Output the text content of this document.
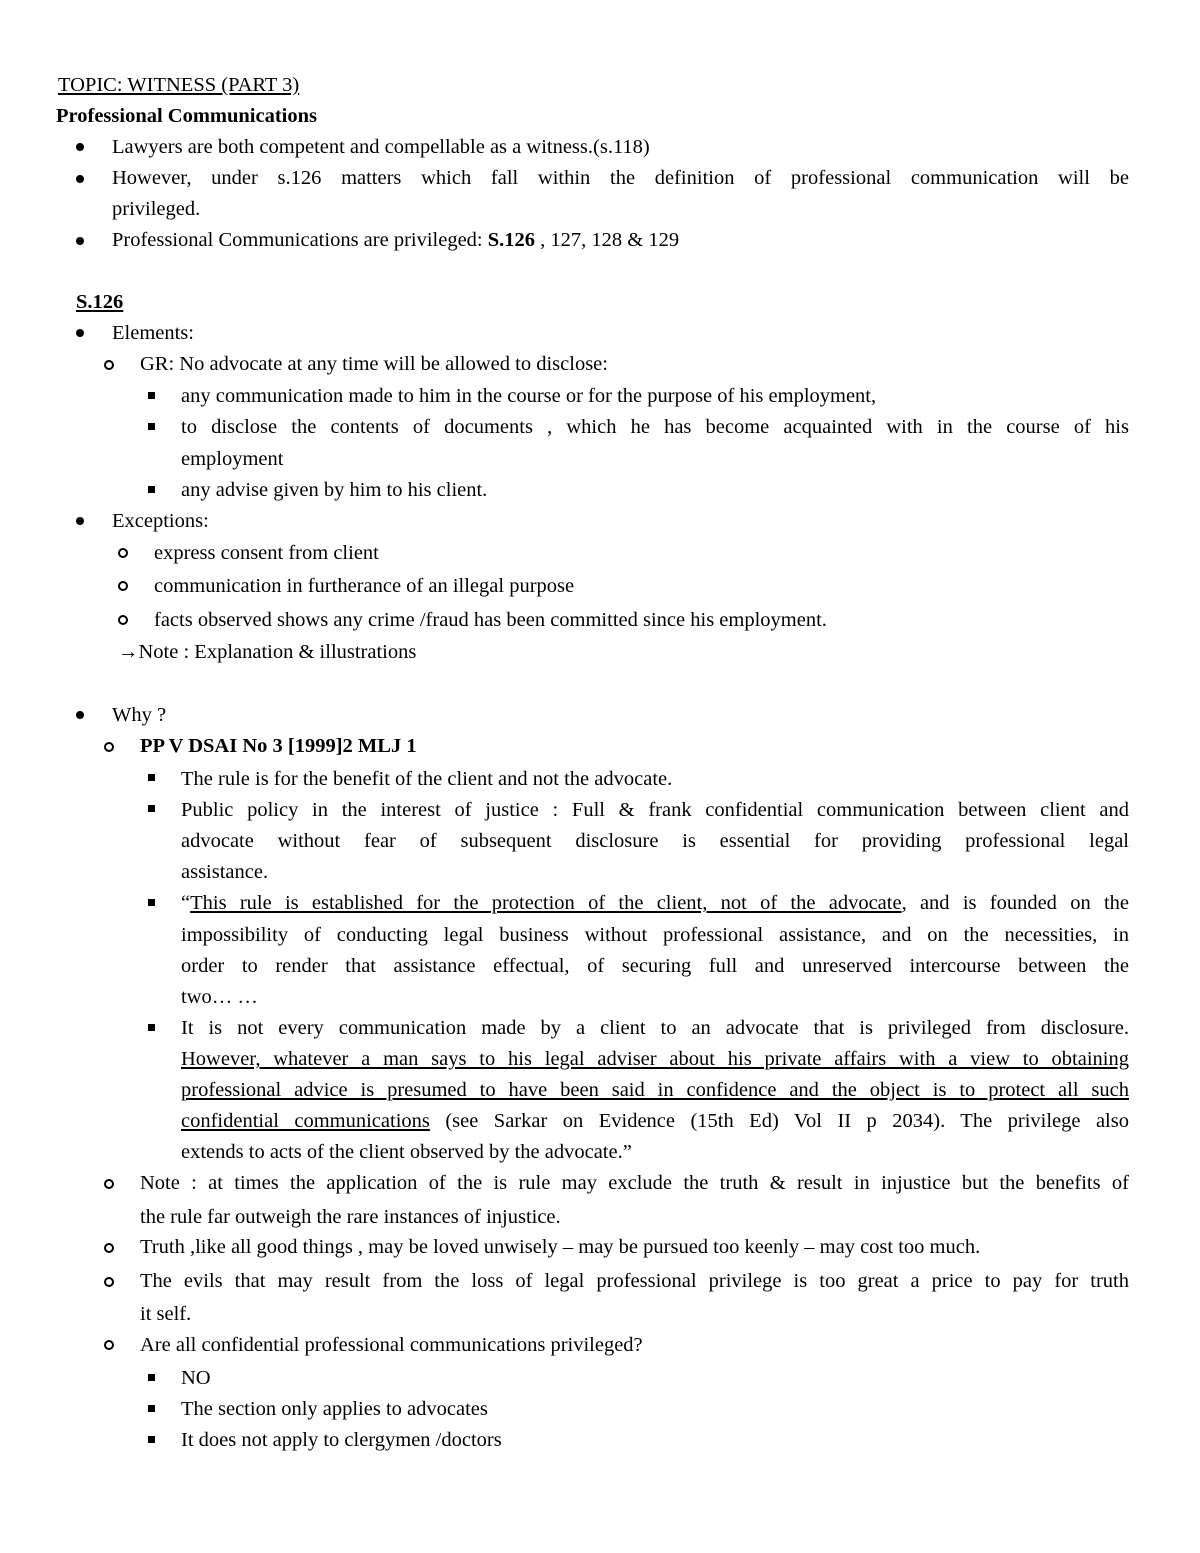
TOPIC: WITNESS (PART 3)
Professional Communications
Lawyers are both competent and compellable as a witness.(s.118)
However, under s.126 matters which fall within the definition of professional communication will be
privileged.
Professional Communications are privileged: S.126 , 127, 128 & 129
S.126
Elements:
GR: No advocate at any time will be allowed to disclose:
any communication made to him in the course or for the purpose of his employment,
to disclose the contents of documents , which he has become acquainted with in the course of his
employment
any advise given by him to his client.
Exceptions:
express consent from client
communication in furtherance of an illegal purpose
facts observed shows any crime /fraud has been committed since his employment.
→Note : Explanation & illustrations
Why ?
PP V DSAI No 3 [1999]2 MLJ 1
The rule is for the benefit of the client and not the advocate.
Public policy in the interest of justice : Full & frank confidential communication between client and
advocate without fear of subsequent disclosure is essential for providing professional legal
assistance.
“This rule is established for the protection of the client, not of the advocate, and is founded on the
impossibility of conducting legal business without professional assistance, and on the necessities, in
order to render that assistance effectual, of securing full and unreserved intercourse between the
two… …
It is not every communication made by a client to an advocate that is privileged from disclosure.
However, whatever a man says to his legal adviser about his private affairs with a view to obtaining
professional advice is presumed to have been said in confidence and the object is to protect all such
confidential communications (see Sarkar on Evidence (15th Ed) Vol II p 2034). The privilege also
extends to acts of the client observed by the advocate.”
Note : at times the application of the is rule may exclude the truth & result in injustice but the benefits of
the rule far outweigh the rare instances of injustice.
Truth ,like all good things , may be loved unwisely – may be pursued too keenly – may cost too much.
The evils that may result from the loss of legal professional privilege is too great a price to pay for truth
it self.
Are all confidential professional communications privileged?
NO
The section only applies to advocates
It does not apply to clergymen /doctors
